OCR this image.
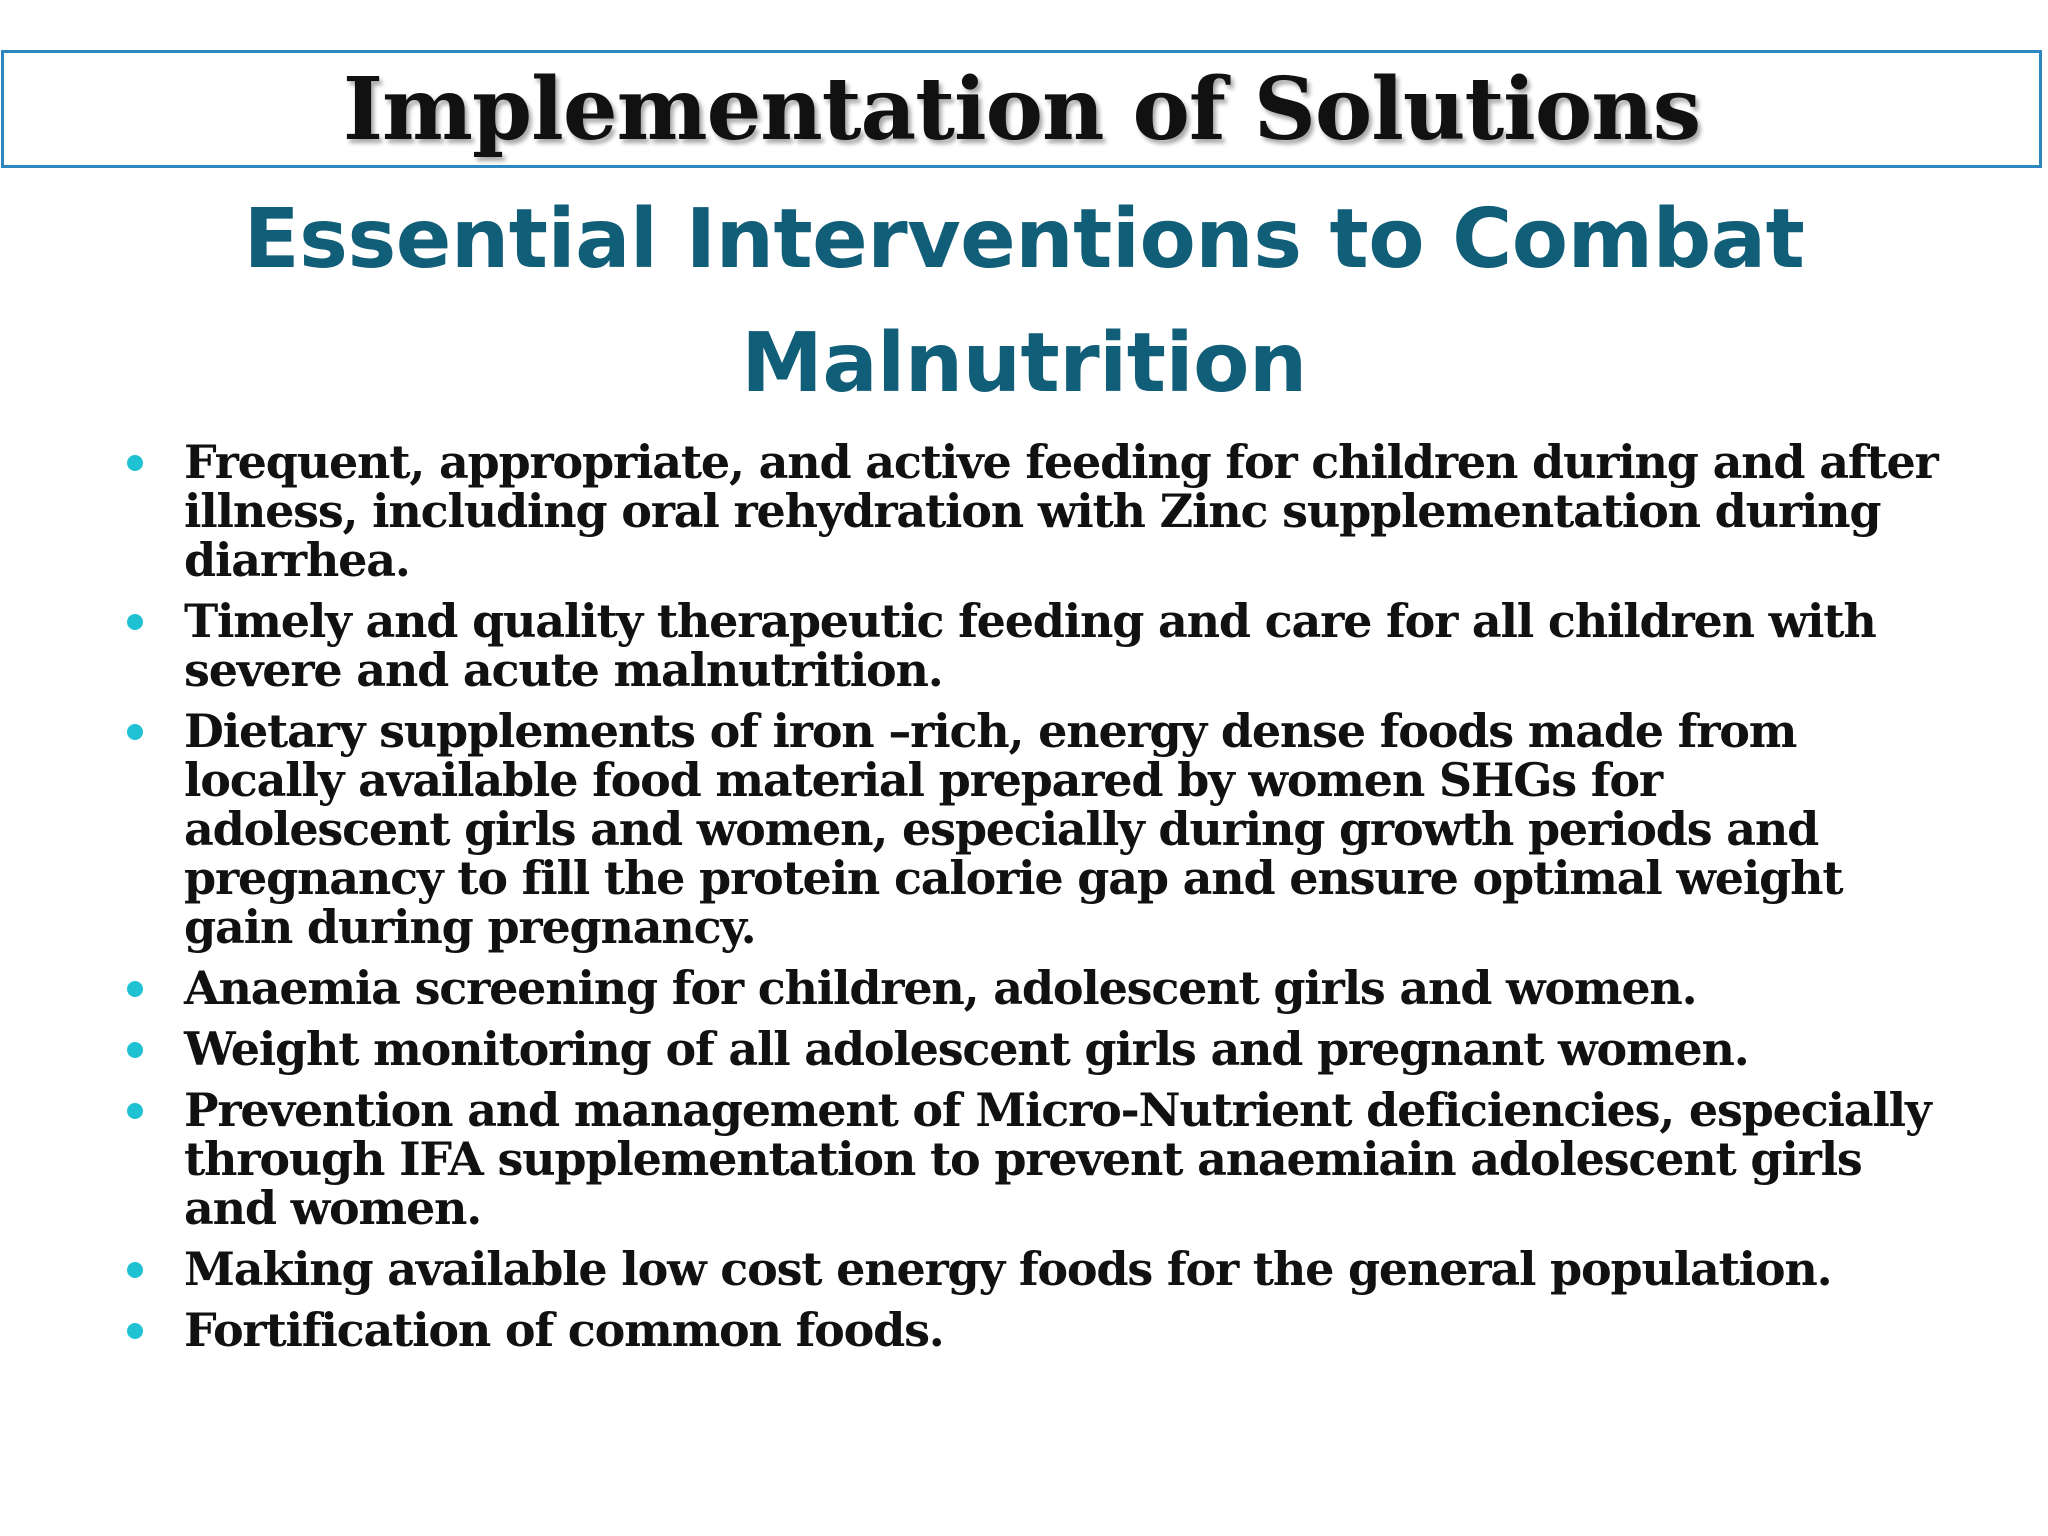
Implementation of Solutions
Essential Interventions to Combat Malnutrition
Frequent, appropriate, and active feeding for children during and after illness, including oral rehydration with Zinc supplementation during diarrhea.
Timely and quality therapeutic feeding and care for all children with severe and acute malnutrition.
Dietary supplements of iron –rich, energy dense foods made from locally available food material prepared by women SHGs for adolescent girls and women, especially during growth periods and pregnancy to fill the protein calorie gap and ensure optimal weight gain during pregnancy.
Anaemia screening for children, adolescent girls and women.
Weight monitoring of all adolescent girls and pregnant women.
Prevention and management of Micro-Nutrient deficiencies, especially through IFA supplementation to prevent anaemiain adolescent girls and women.
Making available low cost energy foods for the general population.
Fortification of common foods.
